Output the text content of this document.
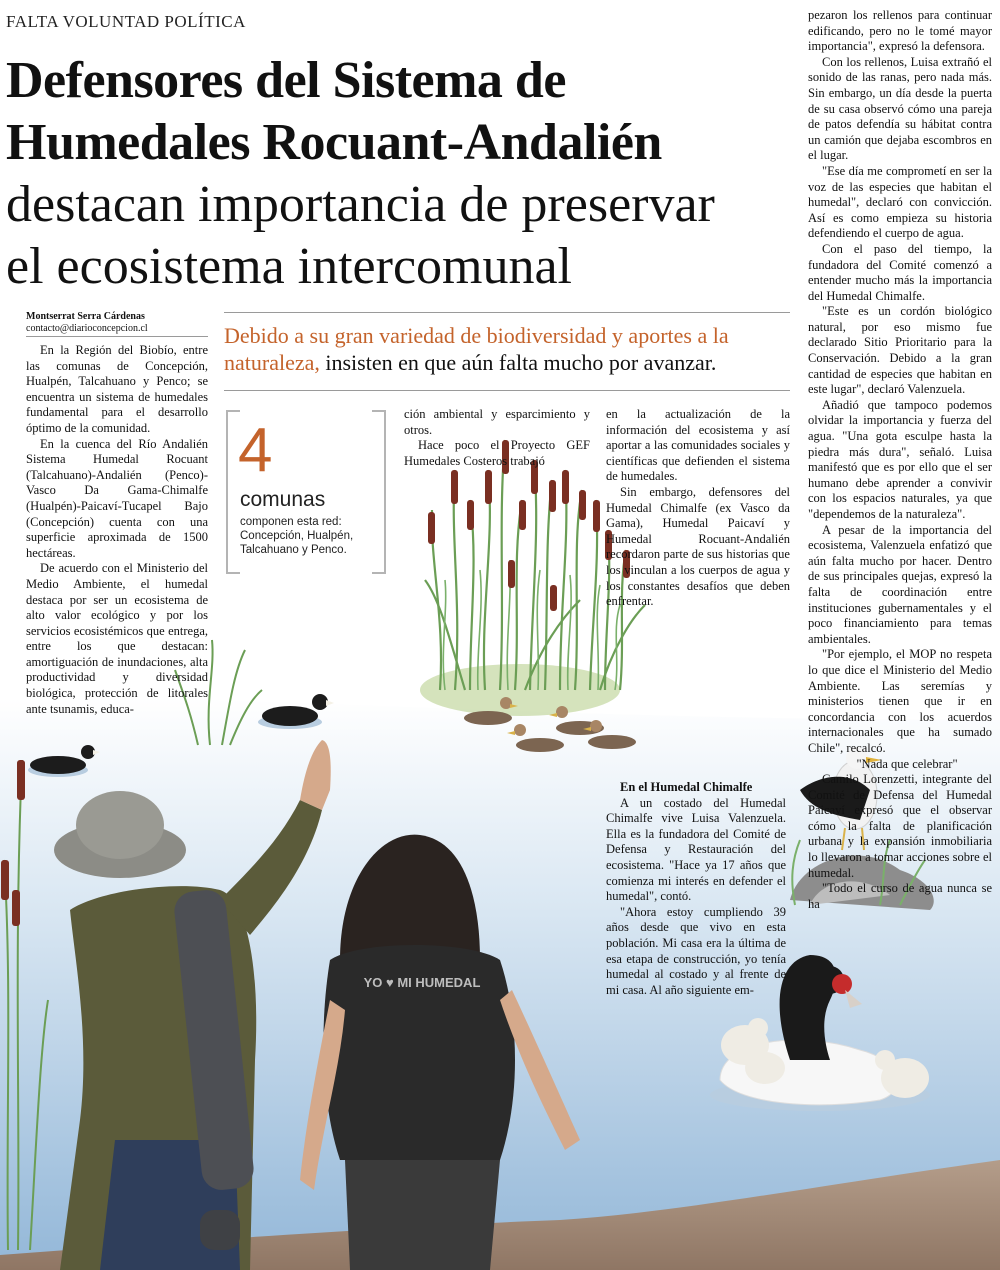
FALTA VOLUNTAD POLÍTICA
Defensores del Sistema de
Humedales Rocuant-Andalién
destacan importancia de preservar
el ecosistema intercomunal
Montserrat Serra Cárdenas
contacto@diarioconcepcion.cl	Debido a su gran variedad de biodiversidad y aportes a la naturaleza, insisten en que aún falta mucho por avanzar.
4
comunas
componen esta red: Concepción, Hualpén, Talcahuano y Penco.

En la Región del Biobío, entre las comunas de Concepción, Hualpén, Talcahuano y Penco; se encuentra un sistema de humedales fundamental para el desarrollo óptimo de la comunidad.

En la cuenca del Río Andalién Sistema Humedal Rocuant (Talcahuano)-Andalién (Penco)-Vasco Da Gama-Chimalfe (Hualpén)-Paicaví-Tucapel Bajo (Concepción) cuenta con una superficie aproximada de 1500 hectáreas.

De acuerdo con el Ministerio del Medio Ambiente, el humedal destaca por ser un ecosistema de alto valor ecológico y por los servicios ecosistémicos que entrega, entre los que destacan: amortiguación de inundaciones, alta productividad y diversidad biológica, protección de litorales ante tsunamis, educa-

ción ambiental y esparcimiento y otros.

Hace poco el Proyecto GEF Humedales Costeros trabajó

en la actualización de la información del ecosistema y así aportar a las comunidades sociales y científicas que defienden el sistema de humedales.

Sin embargo, defensores del Humedal Chimalfe (ex Vasco da Gama), Humedal Paicaví y Humedal Rocuant-Andalién recordaron parte de sus historias que los vinculan a los cuerpos de agua y los constantes desafíos que deben enfrentar.

En el Humedal Chimalfe

A un costado del Humedal Chimalfe vive Luisa Valenzuela. Ella es la fundadora del Comité de Defensa y Restauración del ecosistema. "Hace ya 17 años que comienza mi interés en defender el humedal", contó.

"Ahora estoy cumpliendo 39 años desde que vivo en esta población. Mi casa era la última de esa etapa de construcción, yo tenía humedal al costado y al frente de mi casa. Al año siguiente em-

pezaron los rellenos para continuar edificando, pero no le tomé mayor importancia", expresó la defensora.

Con los rellenos, Luisa extrañó el sonido de las ranas, pero nada más. Sin embargo, un día desde la puerta de su casa observó cómo una pareja de patos defendía su hábitat contra un camión que dejaba escombros en el lugar.

"Ese día me comprometí en ser la voz de las especies que habitan el humedal", declaró con convicción. Así es como empieza su historia defendiendo el cuerpo de agua.

Con el paso del tiempo, la fundadora del Comité comenzó a entender mucho más la importancia del Humedal Chimalfe.

"Este es un cordón biológico natural, por eso mismo fue declarado Sitio Prioritario para la Conservación. Debido a la gran cantidad de especies que habitan en este lugar", declaró Valenzuela.

Añadió que tampoco podemos olvidar la importancia y fuerza del agua. "Una gota esculpe hasta la piedra más dura", señaló. Luisa manifestó que es por ello que el ser humano debe aprender a convivir con los espacios naturales, ya que "dependemos de la naturaleza".

A pesar de la importancia del ecosistema, Valenzuela enfatizó que aún falta mucho por hacer. Dentro de sus principales quejas, expresó la falta de coordinación entre instituciones gubernamentales y el poco financiamiento para temas ambientales.

"Por ejemplo, el MOP no respeta lo que dice el Ministerio del Medio Ambiente. Las seremías y ministerios tienen que ir en concordancia con los acuerdos internacionales que ha sumado Chile", recalcó.

"Nada que celebrar"

Camilo Lorenzetti, integrante del Comité de Defensa del Humedal Paicaví expresó que el observar cómo la falta de planificación urbana y la expansión inmobiliaria lo llevaron a tomar acciones sobre el humedal.

"Todo el curso de agua nunca se ha

YO ♥ MI HUMEDAL
